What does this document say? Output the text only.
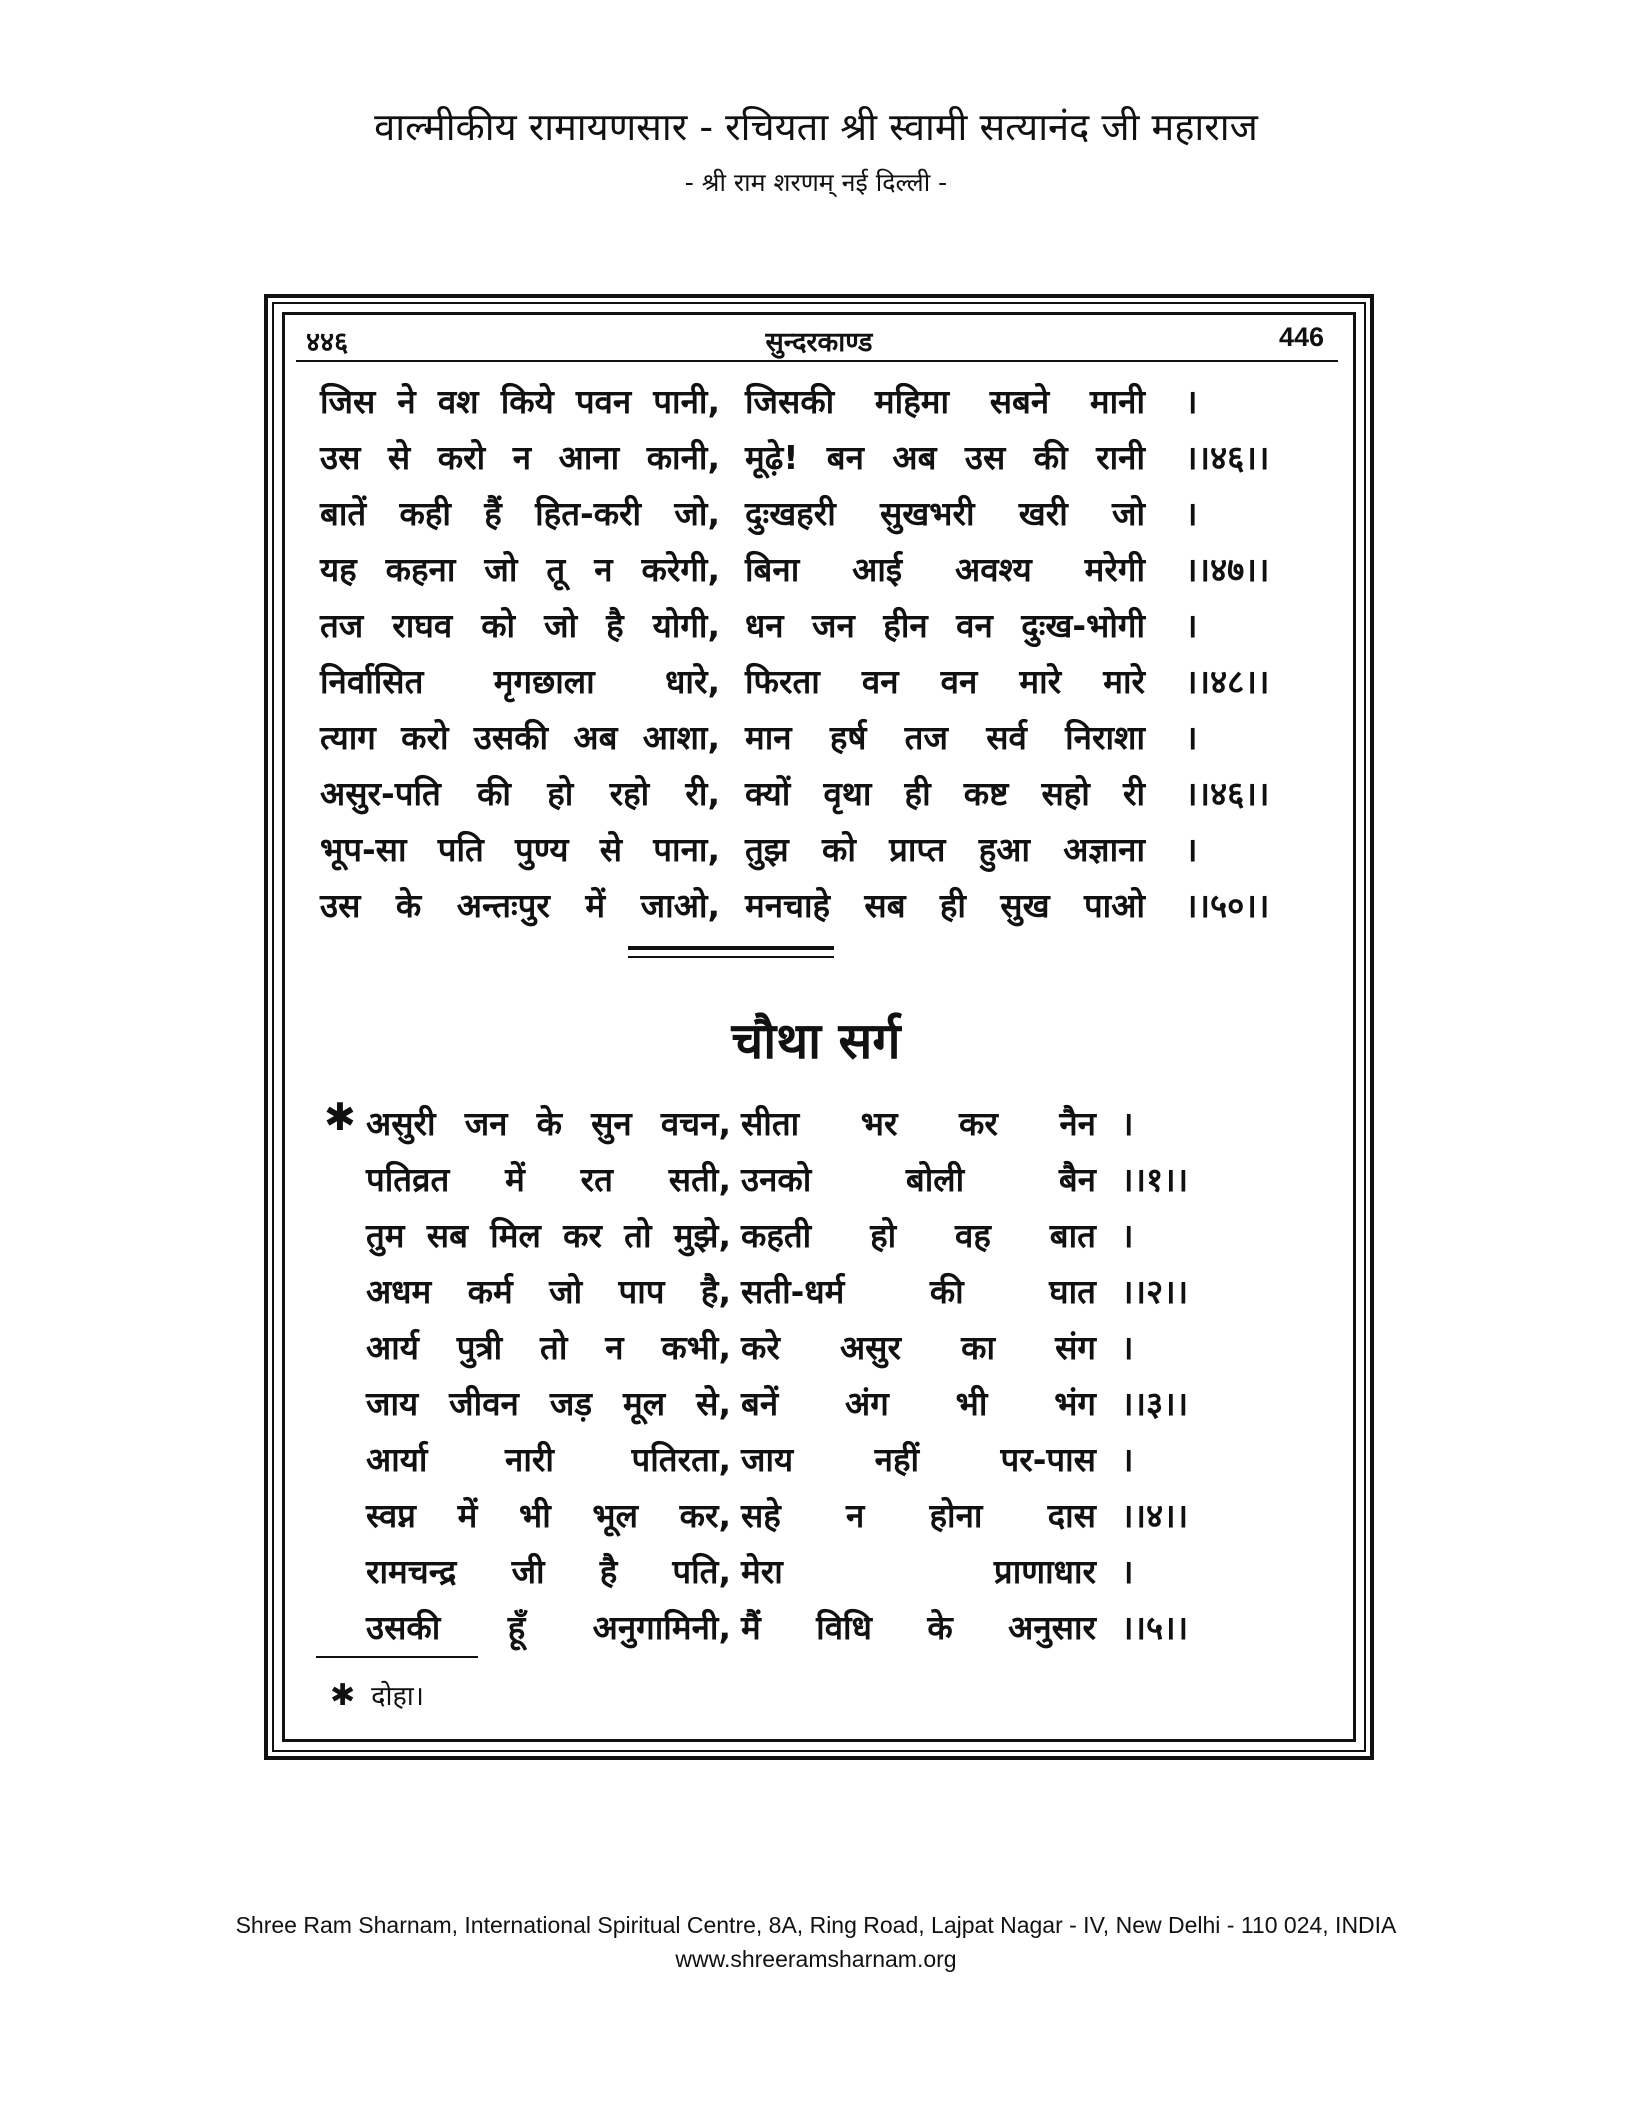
वाल्मीकीय रामायणसार - रचियता श्री स्वामी सत्यानंद जी महाराज
- श्री राम शरणम् नई दिल्ली -
४४६	सुन्दरकाण्ड	446
जिस ने वश किये पवन पानी, जिसकी महिमा सबने मानी ।
उस से करो न आना कानी, मूढ़े! बन अब उस की रानी ।।४६।।
बातें कही हैं हित-करी जो, दुःखहरी सुखभरी खरी जो ।
यह कहना जो तू न करेगी, बिना आई अवश्य मरेगी ।।४७।।
तज राघव को जो है योगी, धन जन हीन वन दुःख-भोगी ।
निर्वासित मृगछाला धारे, फिरता वन वन मारे मारे ।।४८।।
त्याग करो उसकी अब आशा, मान हर्ष तज सर्व निराशा ।
असुर-पति की हो रहो री, क्यों वृथा ही कष्ट सहो री ।।४६।।
भूप-सा पति पुण्य से पाना, तुझ को प्राप्त हुआ अज्ञाना ।
उस के अन्तःपुर में जाओ, मनचाहे सब ही सुख पाओ ।।५०।।
चौथा सर्ग
✱ असुरी जन के सुन वचन, सीता भर कर नैन ।
पतिव्रत में रत सती, उनको बोली बैन ।।१।।
तुम सब मिल कर तो मुझे, कहती हो वह बात ।
अधम कर्म जो पाप है, सती-धर्म की घात ।।२।।
आर्य पुत्री तो न कभी, करे असुर का संग ।
जाय जीवन जड़ मूल से, बनें अंग भी भंग ।।३।।
आर्या नारी पतिरता, जाय नहीं पर-पास ।
स्वप्न में भी भूल कर, सहे न होना दास ।।४।।
रामचन्द्र जी है पति, मेरा प्राणाधार ।
उसकी हूँ अनुगामिनी, मैं विधि के अनुसार ।।५।।
✱ दोहा।
Shree Ram Sharnam, International Spiritual Centre, 8A, Ring Road, Lajpat Nagar - IV, New Delhi - 110 024, INDIA
www.shreeramsharnam.org
